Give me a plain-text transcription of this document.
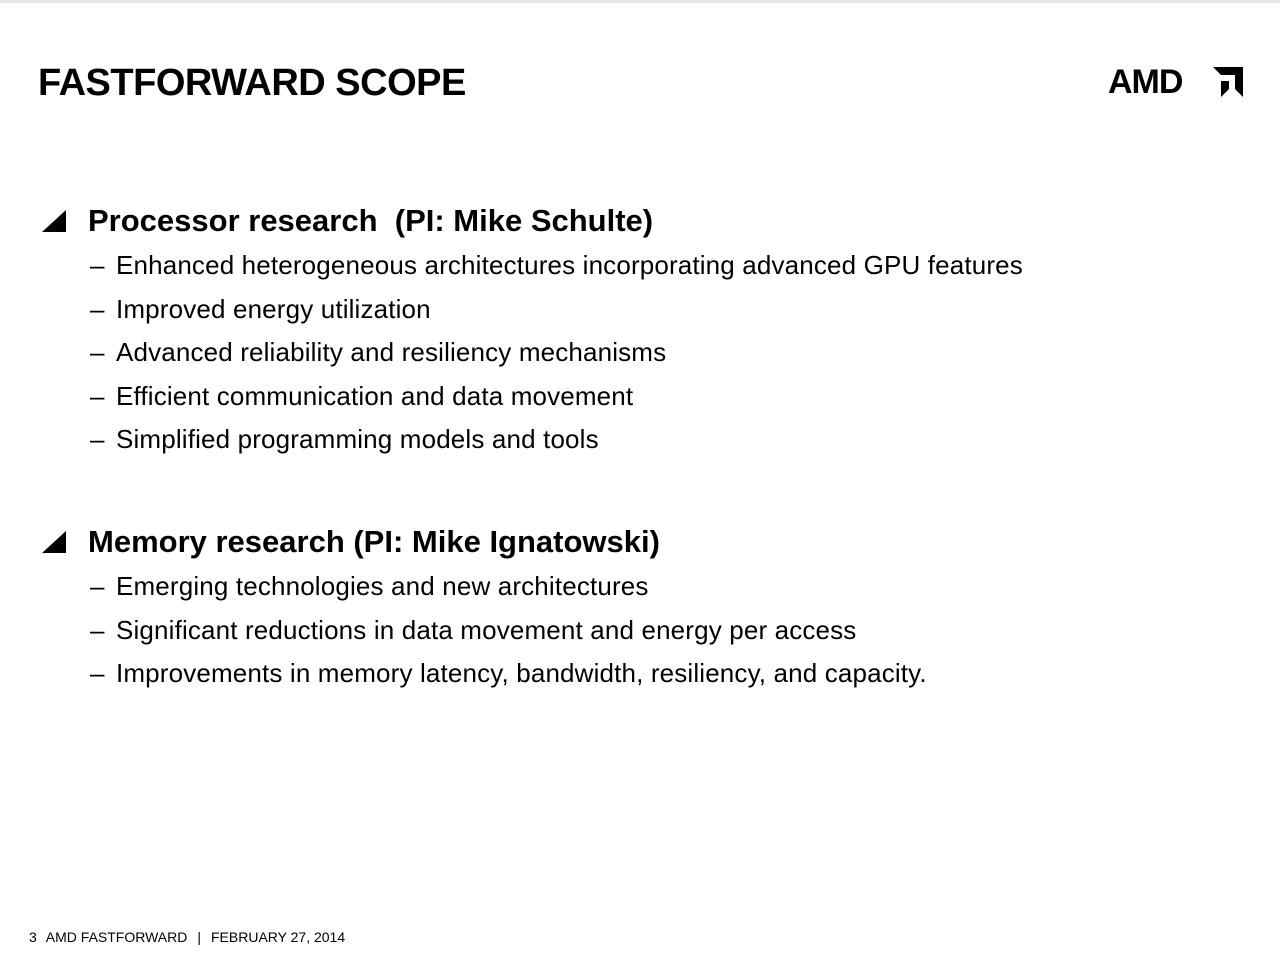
FASTFORWARD SCOPE	AMD
Processor research  (PI: Mike Schulte)
– Enhanced heterogeneous architectures incorporating advanced GPU features
– Improved energy utilization
– Advanced reliability and resiliency mechanisms
– Efficient communication and data movement
– Simplified programming models and tools
Memory research (PI: Mike Ignatowski)
– Emerging technologies and new architectures
– Significant reductions in data movement and energy per access
– Improvements in memory latency, bandwidth, resiliency, and capacity.
3 AMD FASTFORWARD | FEBRUARY 27, 2014
